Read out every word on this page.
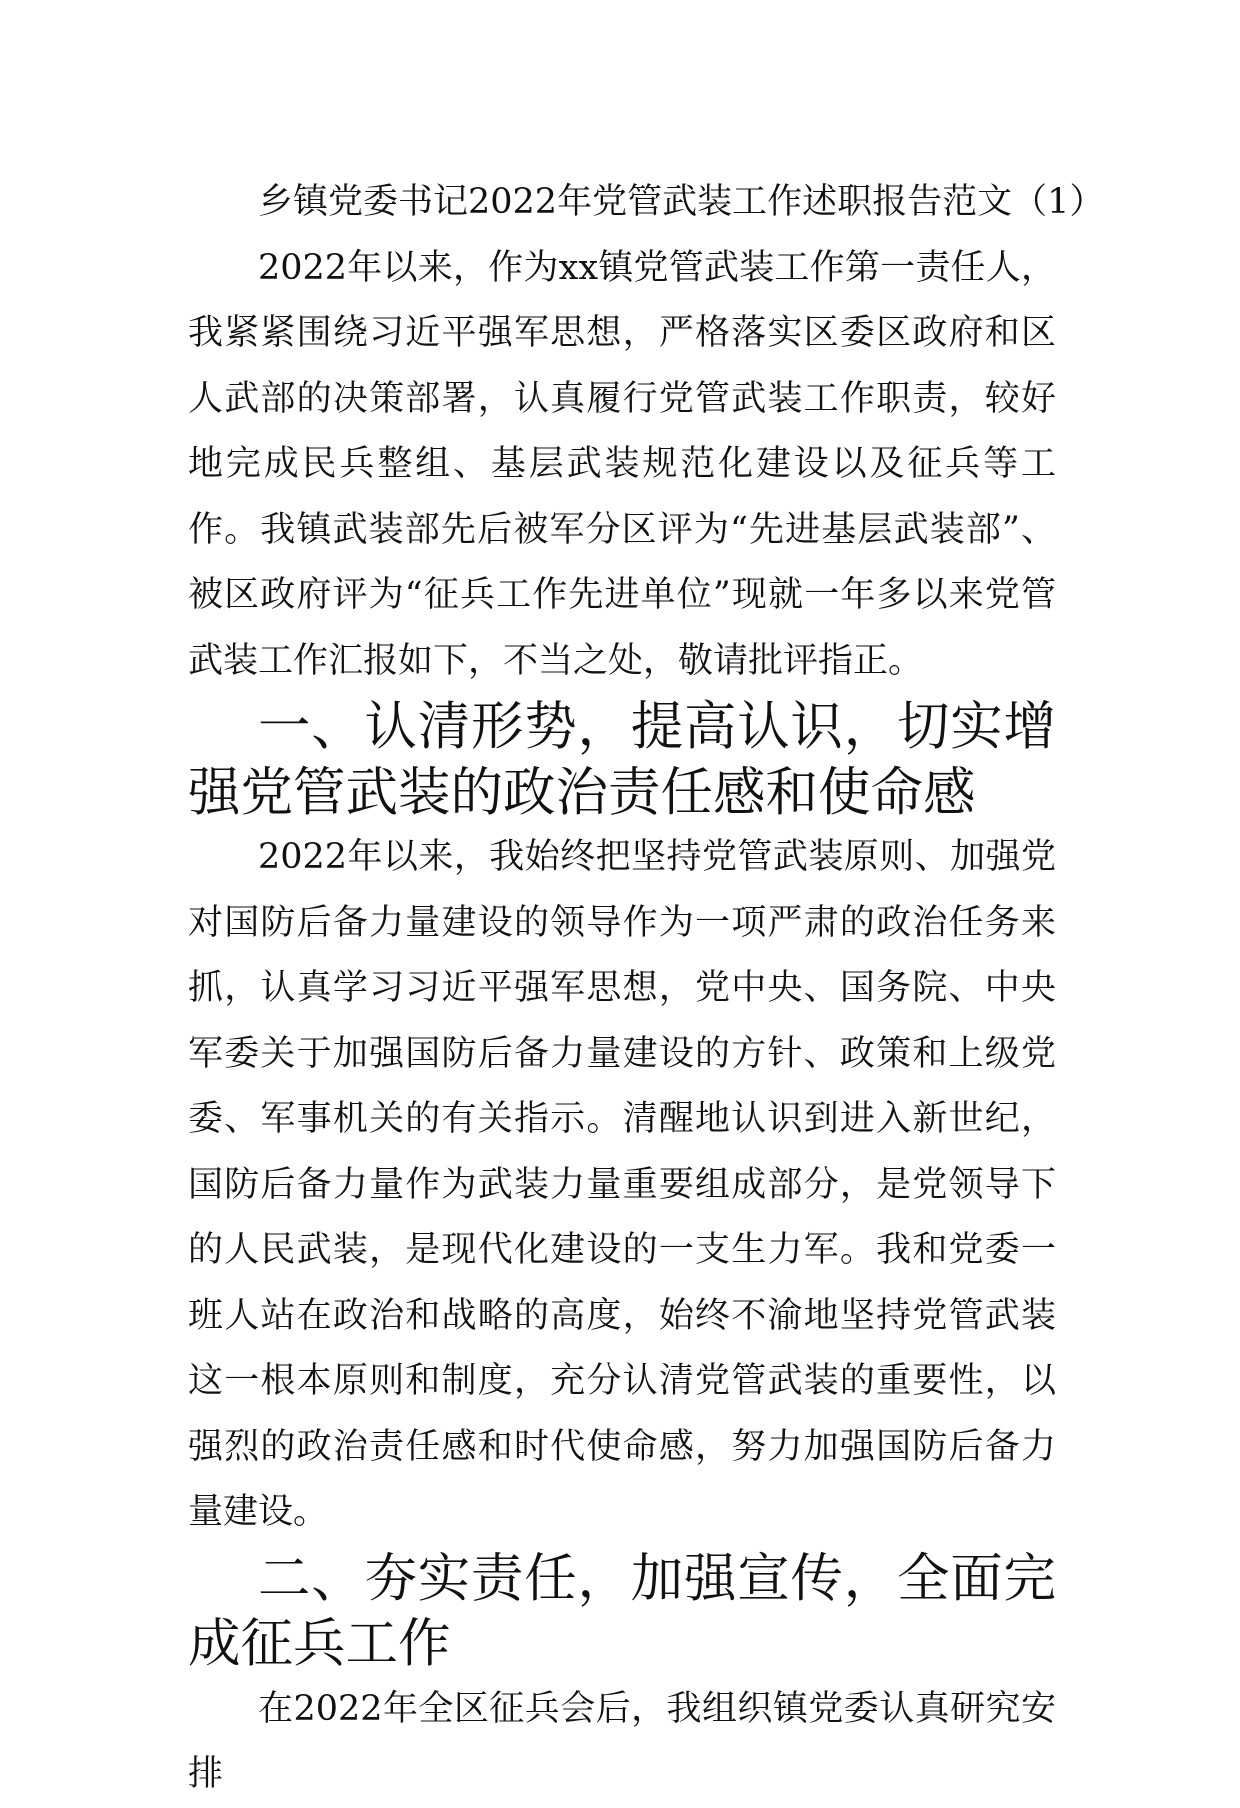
乡镇党委书记2022年党管武装工作述职报告范文（1）

2022年以来，作为xx镇党管武装工作第一责任人，我紧紧围绕习近平强军思想，严格落实区委区政府和区人武部的决策部署，认真履行党管武装工作职责，较好地完成民兵整组、基层武装规范化建设以及征兵等工作。我镇武装部先后被军分区评为“先进基层武装部”、被区政府评为“征兵工作先进单位”现就一年多以来党管武装工作汇报如下，不当之处，敬请批评指正。

一、认清形势，提高认识，切实增强党管武装的政治责任感和使命感

2022年以来，我始终把坚持党管武装原则、加强党对国防后备力量建设的领导作为一项严肃的政治任务来抓，认真学习习近平强军思想，党中央、国务院、中央军委关于加强国防后备力量建设的方针、政策和上级党委、军事机关的有关指示。清醒地认识到进入新世纪，国防后备力量作为武装力量重要组成部分，是党领导下的人民武装，是现代化建设的一支生力军。我和党委一班人站在政治和战略的高度，始终不渝地坚持党管武装这一根本原则和制度，充分认清党管武装的重要性，以强烈的政治责任感和时代使命感，努力加强国防后备力量建设。

二、夯实责任，加强宣传，全面完成征兵工作

在2022年全区征兵会后，我组织镇党委认真研究安排
